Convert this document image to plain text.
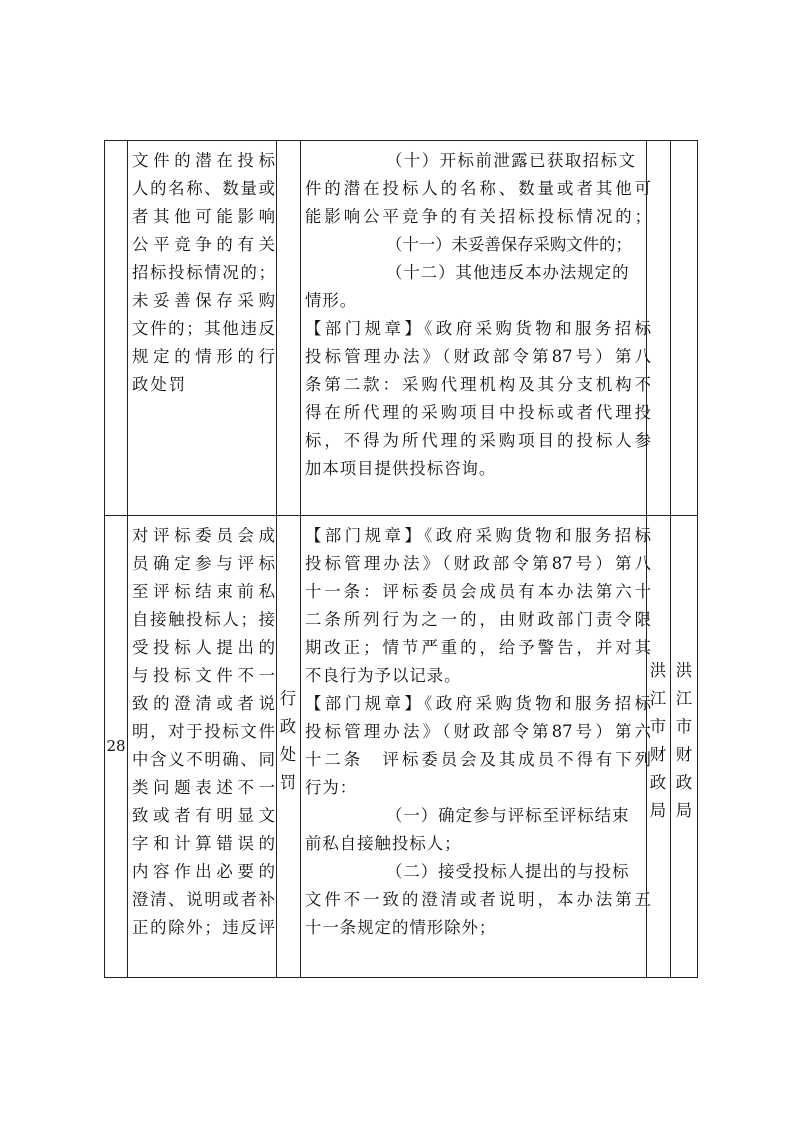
文件的潜在投标
人的名称、数量或
者其他可能影响
公平竞争的有关
招标投标情况的；
未妥善保存采购
文件的；其他违反
规定的情形的行
政处罚
（十）开标前泄露已获取招标文
件的潜在投标人的名称、数量或者其他可
能影响公平竞争的有关招标投标情况的；
（十一）未妥善保存采购文件的；
（十二）其他违反本办法规定的
情形。
【部门规章】《政府采购货物和服务招标
投标管理办法》（财政部令第87号）第八
条第二款：采购代理机构及其分支机构不
得在所代理的采购项目中投标或者代理投
标，不得为所代理的采购项目的投标人参
加本项目提供投标咨询。
28
对评标委员会成
员确定参与评标
至评标结束前私
自接触投标人；接
受投标人提出的
与投标文件不一
致的澄清或者说
明，对于投标文件
中含义不明确、同
类问题表述不一
致或者有明显文
字和计算错误的
内容作出必要的
澄清、说明或者补
正的除外；违反评
行
政
处
罚
【部门规章】《政府采购货物和服务招标
投标管理办法》（财政部令第87号）第八
十一条：评标委员会成员有本办法第六十
二条所列行为之一的，由财政部门责令限
期改正；情节严重的，给予警告，并对其
不良行为予以记录。
【部门规章】《政府采购货物和服务招标
投标管理办法》（财政部令第87号）第六
十二条　评标委员会及其成员不得有下列
行为：
（一）确定参与评标至评标结束
前私自接触投标人；
（二）接受投标人提出的与投标
文件不一致的澄清或者说明，本办法第五
十一条规定的情形除外；
洪
江
市
财
政
局
洪
江
市
财
政
局
